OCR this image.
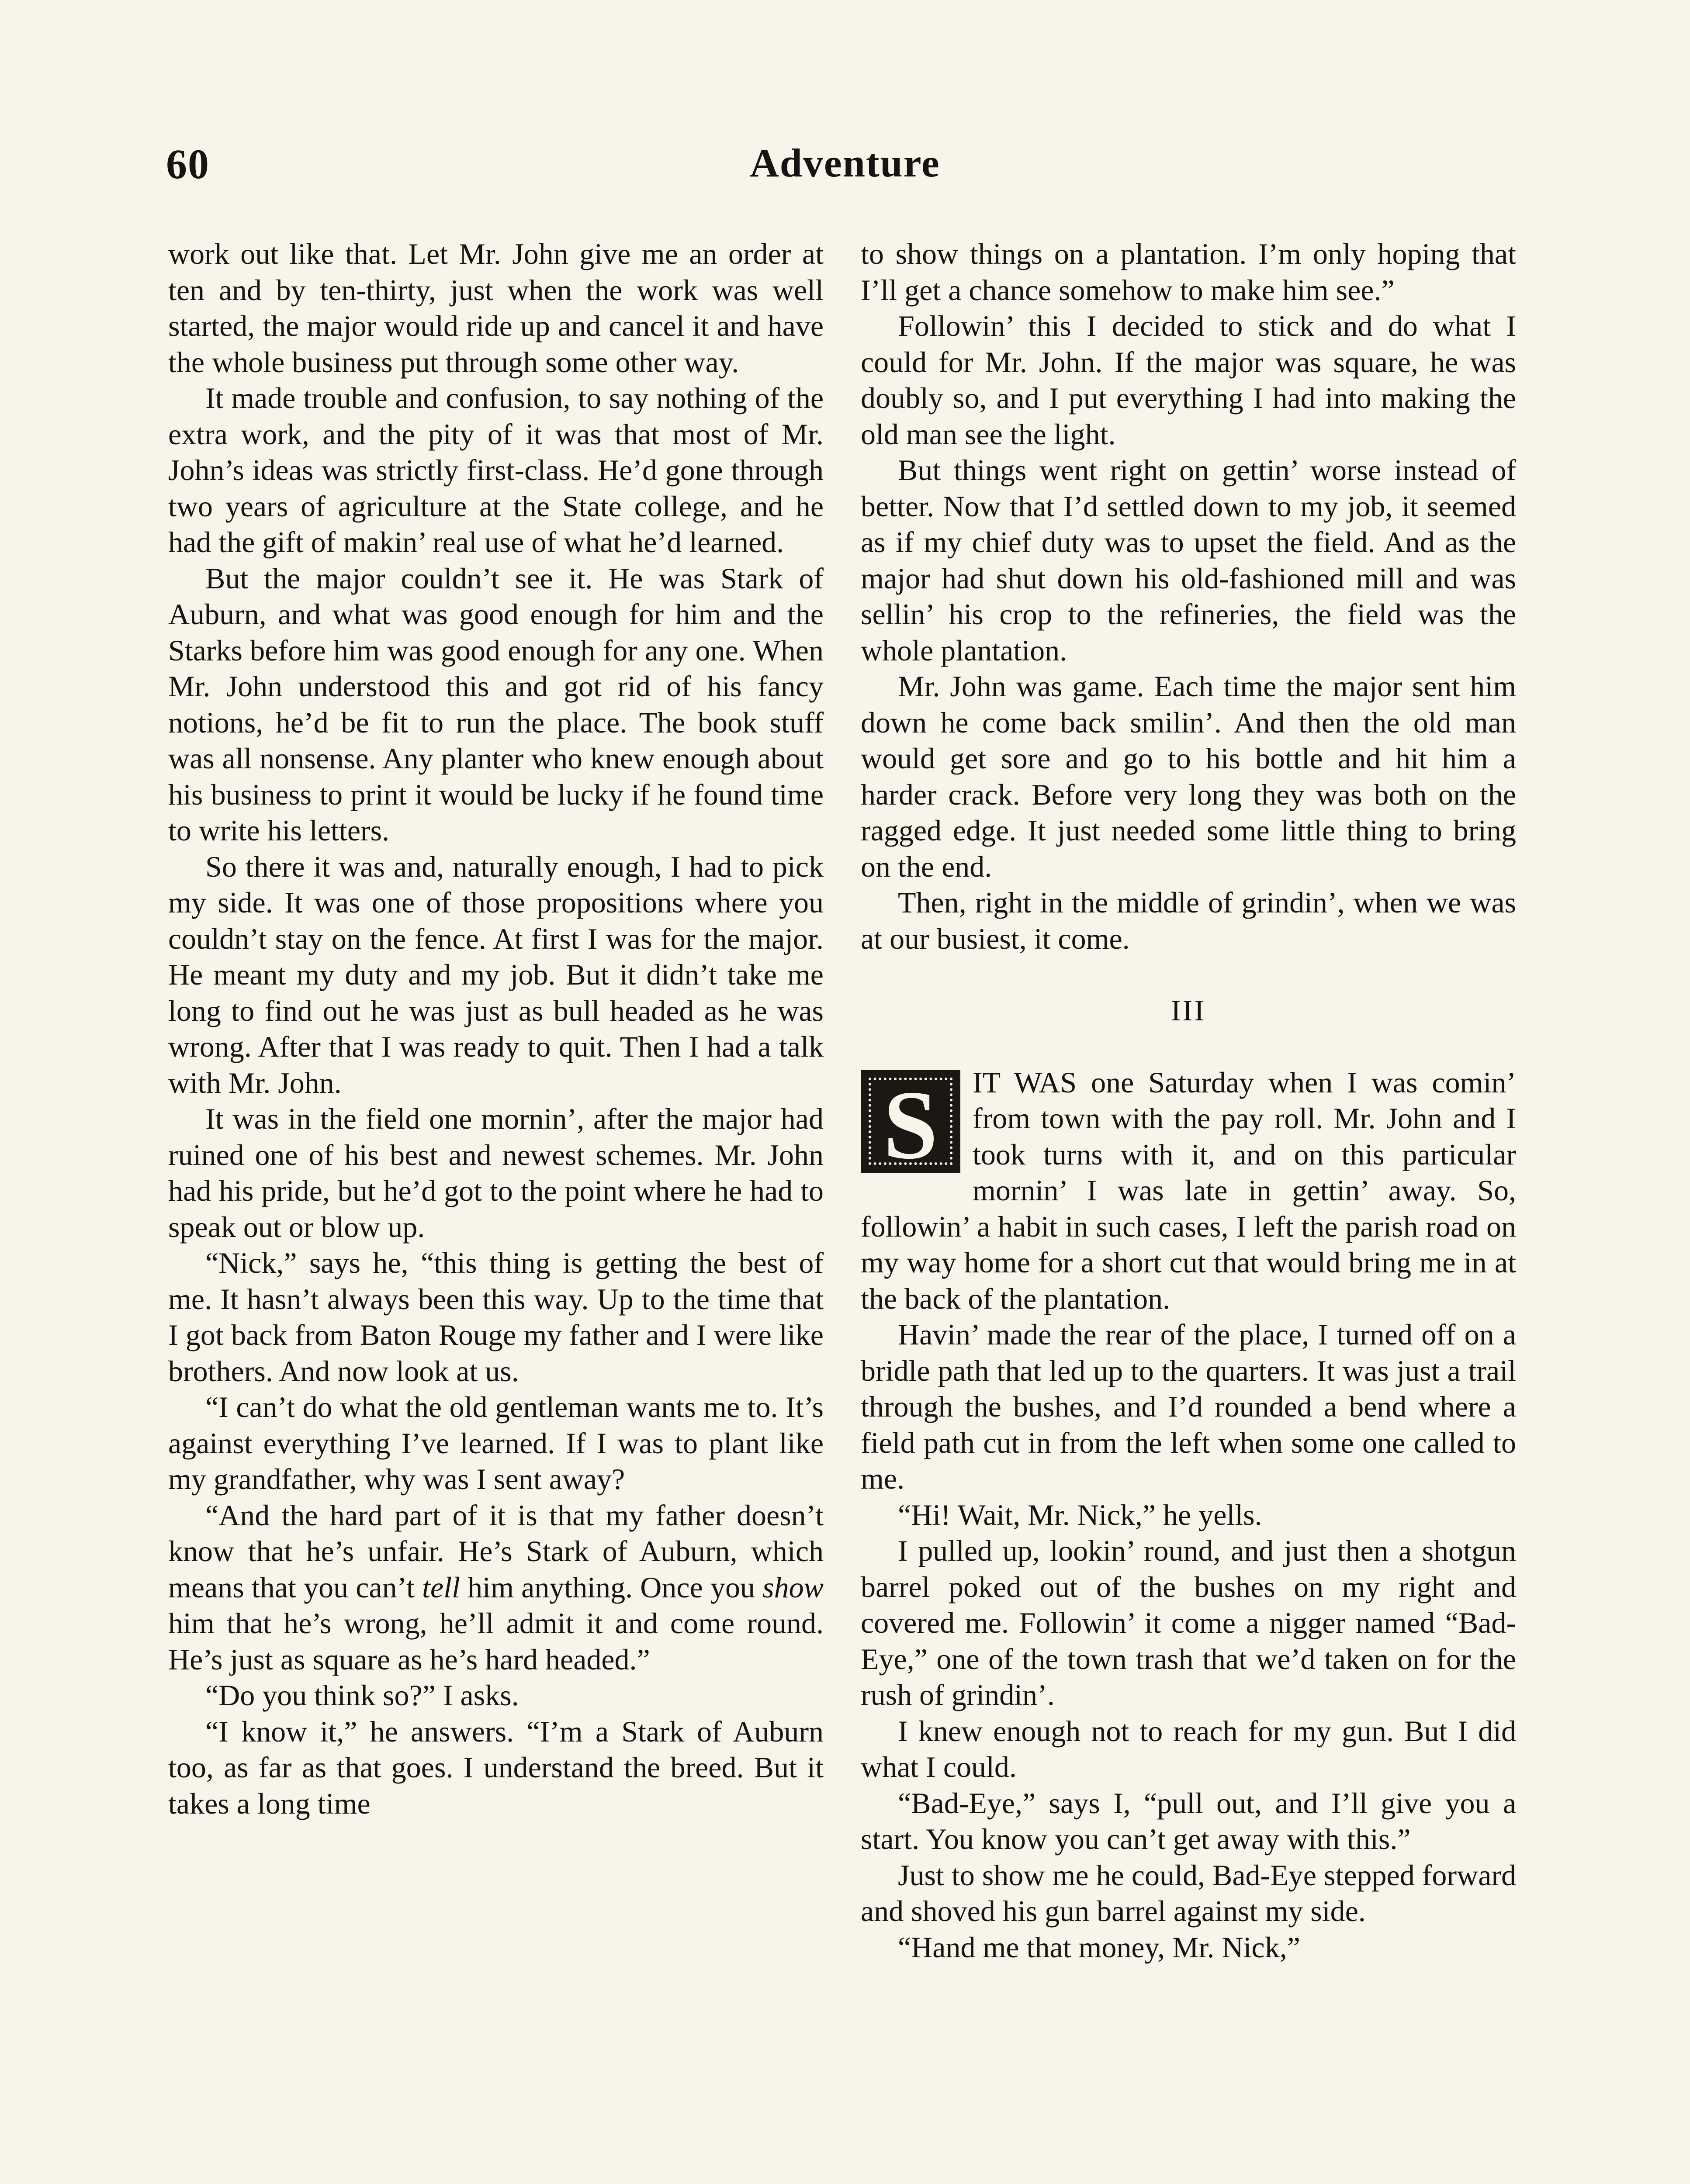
60	Adventure

work out like that. Let Mr. John give me an order at ten and by ten-thirty, just when the work was well started, the major would ride up and cancel it and have the whole business put through some other way.

It made trouble and confusion, to say nothing of the extra work, and the pity of it was that most of Mr. John’s ideas was strictly first-class. He’d gone through two years of agriculture at the State college, and he had the gift of makin’ real use of what he’d learned.

But the major couldn’t see it. He was Stark of Auburn, and what was good enough for him and the Starks before him was good enough for any one. When Mr. John understood this and got rid of his fancy notions, he’d be fit to run the place. The book stuff was all nonsense. Any planter who knew enough about his business to print it would be lucky if he found time to write his letters.

So there it was and, naturally enough, I had to pick my side. It was one of those propositions where you couldn’t stay on the fence. At first I was for the major. He meant my duty and my job. But it didn’t take me long to find out he was just as bull headed as he was wrong. After that I was ready to quit. Then I had a talk with Mr. John.

It was in the field one mornin’, after the major had ruined one of his best and newest schemes. Mr. John had his pride, but he’d got to the point where he had to speak out or blow up.

“Nick,” says he, “this thing is getting the best of me. It hasn’t always been this way. Up to the time that I got back from Baton Rouge my father and I were like brothers. And now look at us.

“I can’t do what the old gentleman wants me to. It’s against everything I’ve learned. If I was to plant like my grandfather, why was I sent away?

“And the hard part of it is that my father doesn’t know that he’s unfair. He’s Stark of Auburn, which means that you can’t tell him anything. Once you show him that he’s wrong, he’ll admit it and come round. He’s just as square as he’s hard headed.”

“Do you think so?” I asks.

“I know it,” he answers. “I’m a Stark of Auburn too, as far as that goes. I understand the breed. But it takes a long time

to show things on a plantation. I’m only hoping that I’ll get a chance somehow to make him see.”

Followin’ this I decided to stick and do what I could for Mr. John. If the major was square, he was doubly so, and I put everything I had into making the old man see the light.

But things went right on gettin’ worse instead of better. Now that I’d settled down to my job, it seemed as if my chief duty was to upset the field. And as the major had shut down his old-fashioned mill and was sellin’ his crop to the refineries, the field was the whole plantation.

Mr. John was game. Each time the major sent him down he come back smilin’. And then the old man would get sore and go to his bottle and hit him a harder crack. Before very long they was both on the ragged edge. It just needed some little thing to bring on the end.

Then, right in the middle of grindin’, when we was at our busiest, it come.

III

S	IT WAS one Saturday when I was comin’ from town with the pay roll. Mr. John and I took turns with it, and on this particular mornin’ I was late in gettin’ away. So, followin’ a habit in such cases, I left the parish road on my way home for a short cut that would bring me in at the back of the plantation.

Havin’ made the rear of the place, I turned off on a bridle path that led up to the quarters. It was just a trail through the bushes, and I’d rounded a bend where a field path cut in from the left when some one called to me.

“Hi! Wait, Mr. Nick,” he yells.

I pulled up, lookin’ round, and just then a shotgun barrel poked out of the bushes on my right and covered me. Followin’ it come a nigger named “Bad-Eye,” one of the town trash that we’d taken on for the rush of grindin’.

I knew enough not to reach for my gun. But I did what I could.

“Bad-Eye,” says I, “pull out, and I’ll give you a start. You know you can’t get away with this.”

Just to show me he could, Bad-Eye stepped forward and shoved his gun barrel against my side.

“Hand me that money, Mr. Nick,”
